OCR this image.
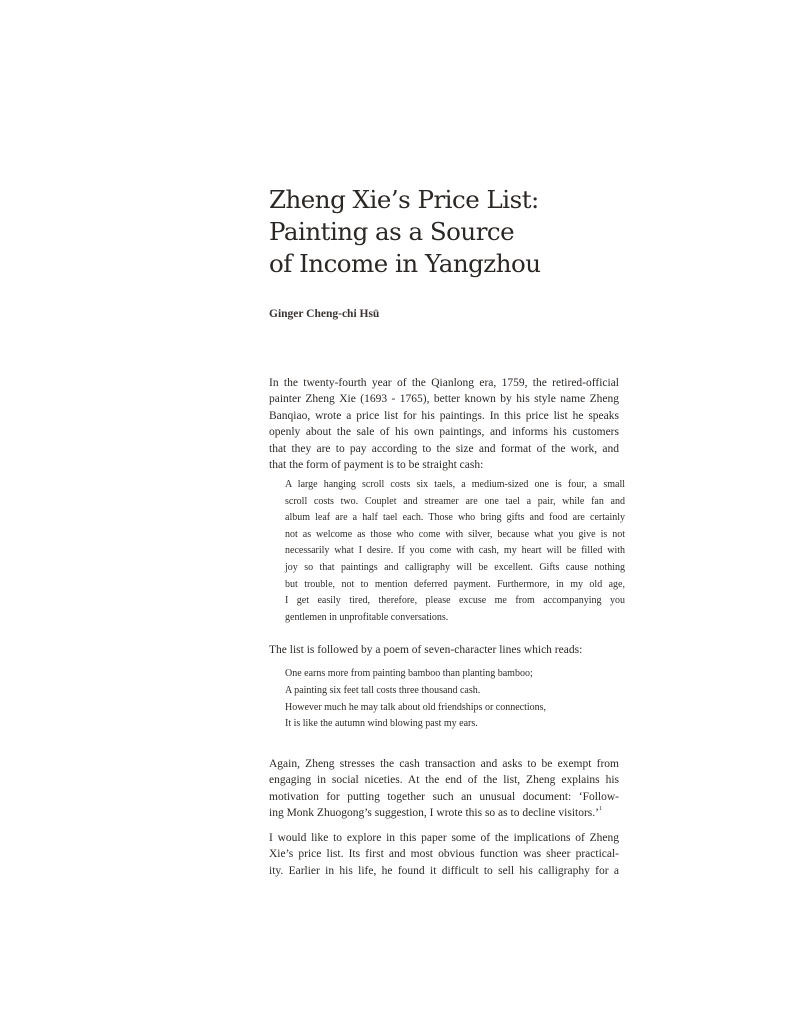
Zheng Xie’s Price List:
Painting as a Source
of Income in Yangzhou
Ginger Cheng-chi Hsü
In the twenty-fourth year of the Qianlong era, 1759, the retired-official
painter Zheng Xie (1693 - 1765), better known by his style name Zheng
Banqiao, wrote a price list for his paintings. In this price list he speaks
openly about the sale of his own paintings, and informs his customers
that they are to pay according to the size and format of the work, and
that the form of payment is to be straight cash:
A large hanging scroll costs six taels, a medium-sized one is four, a small
scroll costs two. Couplet and streamer are one tael a pair, while fan and
album leaf are a half tael each. Those who bring gifts and food are certainly
not as welcome as those who come with silver, because what you give is not
necessarily what I desire. If you come with cash, my heart will be filled with
joy so that paintings and calligraphy will be excellent. Gifts cause nothing
but trouble, not to mention deferred payment. Furthermore, in my old age,
I get easily tired, therefore, please excuse me from accompanying you
gentlemen in unprofitable conversations.
The list is followed by a poem of seven-character lines which reads:
One earns more from painting bamboo than planting bamboo;
A painting six feet tall costs three thousand cash.
However much he may talk about old friendships or connections,
It is like the autumn wind blowing past my ears.
Again, Zheng stresses the cash transaction and asks to be exempt from
engaging in social niceties. At the end of the list, Zheng explains his
motivation for putting together such an unusual document: ‘Follow-
ing Monk Zhuogong’s suggestion, I wrote this so as to decline visitors.’$^1$
I would like to explore in this paper some of the implications of Zheng
Xie’s price list. Its first and most obvious function was sheer practical-
ity. Earlier in his life, he found it difficult to sell his calligraphy for a
